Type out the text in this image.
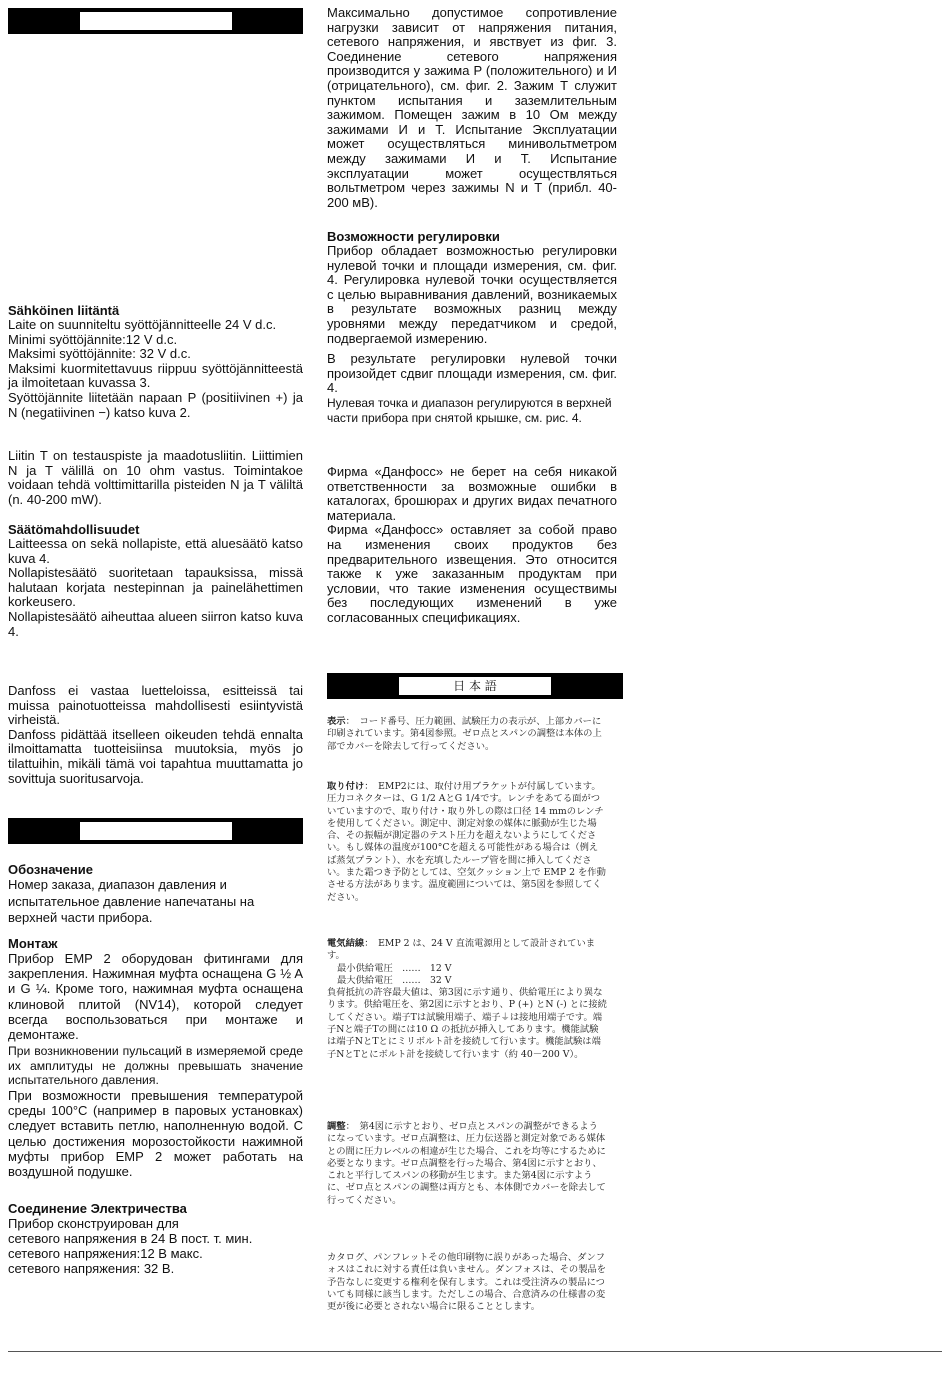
Sähköinen liitäntä

Laite on suunniteltu syöttöjännitteelle 24 V d.c.

Minimi syöttöjännite:12 V d.c.

Maksimi syöttöjännite: 32 V d.c.

Maksimi kuormitettavuus riippuu syöttöjännitteestä ja ilmoitetaan kuvassa 3.

Syöttöjännite liitetään napaan P (positiivinen +) ja N (negatiivinen −) katso kuva 2.

Liitin T on testauspiste ja maadotusliitin. Liittimien N ja T välillä on 10 ohm vastus. Toimintakoe voidaan tehdä volttimittarilla pisteiden N ja T väliltä (n. 40-200 mW).

Säätömahdollisuudet

Laitteessa on sekä nollapiste, että aluesäätö katso kuva 4.

Nollapistesäätö suoritetaan tapauksissa, missä halutaan korjata nestepinnan ja painelähettimen korkeusero.

Nollapistesäätö aiheuttaa alueen siirron katso kuva 4.

Danfoss ei vastaa luetteloissa, esitteissä tai muissa painotuotteissa mahdollisesti esiintyvistä virheistä.

Danfoss pidättää itselleen oikeuden tehdä ennalta ilmoittamatta tuotteisiinsa muutoksia, myös jo tilattuihin, mikäli tämä voi tapahtua muuttamatta jo sovittuja suoritusarvoja.

Обозначение

Номер заказа, диапазон давления и испытательное давление напечатаны на верхней части прибора.

Монтаж

Прибор EMP 2 оборудован фитингами для закрепления. Нажимная муфта оснащена G ½ A и G ¼. Кроме того, нажимная муфта оснащена клиновой плитой (NV14), которой следует всегда воспользоваться при монтаже и демонтаже.

При возникновении пульсаций в измеряемой среде их амплитуды не должны превышать значение испытательного давления.

При возможности превышения температурой среды 100°C (например в паровых установках) следует вставить петлю, наполненную водой. С целью достижения морозостойкости нажимной муфты прибор EMP 2 может работать на воздушной подушке.

Соединение Электричества

Прибор сконструирован для

сетевого напряжения в 24 В пост. т. мин.

сетевого напряжения:12 В макс.

сетевого напряжения: 32 В.

Максимально допустимое сопротивление нагрузки зависит от напряжения питания, сетевого напряжения, и явствует из фиг. 3. Соединение сетевого напряжения производится у зажима P (положительного) и И (отрицательного), см. фиг. 2. Зажим Т служит пунктом испытания и заземлительным зажимом. Помещен зажим в 10 Ом между зажимами И и Т. Испытание Эксплуатации может осуществляться минивольтметром между зажимами И и Т. Испытание эксплуатации может осуществляться вольтметром через зажимы N и T (прибл. 40-200 мВ).

Возможности регулировки

Прибор обладает возможностью регулировки нулевой точки и площади измерения, см. фиг. 4. Регулировка нулевой точки осуществляется с целью выравнивания давлений, возникаемых в результате возможных разниц между уровнями между передатчиком и средой, подвергаемой измерению.

В результате регулировки нулевой точки произойдет сдвиг площади измерения, см. фиг. 4.

Нулевая точка и диапазон регулируются в верхней части прибора при снятой крышке, см. рис. 4.

Фирма «Данфосс» не берет на себя никакой ответственности за возможные ошибки в каталогах, брошюрах и других видах печатного материала.

Фирма «Данфосс» оставляет за собой право на изменения своих продуктов без предварительного извещения. Это относится также к уже заказанным продуктам при условии, что такие изменения осуществимы без последующих изменений в уже согласованных спецификациях.

日 本 語

表示：　コード番号、圧力範囲、試験圧力の表示が、上部カバーに印刷されています。第4図参照。ゼロ点とスパンの調整は本体の上部でカバーを除去して行ってください。

取り付け：　EMP2には、取付け用ブラケットが付属しています。圧力コネクターは、G 1/2 AとG 1/4です。レンチをあてる面がついていますので、取り付け・取り外しの際は口径 14 mmのレンチを使用してください。測定中、測定対象の媒体に脈動が生じた場合、その振幅が測定器のテスト圧力を超えないようにしてください。もし媒体の温度が100°Cを超える可能性がある場合は（例えば蒸気プラント）、水を充填したループ管を間に挿入してください。また霜つき予防としては、空気クッション上で EMP 2 を作動させる方法があります。温度範囲については、第5図を参照してください。

電気結線：　EMP 2 は、24 V 直流電源用として設計されています。

最小供給電圧　……　12 V

最大供給電圧　……　32 V

負荷抵抗の許容最大値は、第3図に示す通り、供給電圧により異なります。供給電圧を、第2図に示すとおり、P (+) とN (-) とに接続してください。端子Tは試験用端子、端子⏚は接地用端子です。端子Nと端子Tの間には10 Ω の抵抗が挿入してあります。機能試験は端子NとTとにミリボルト計を接続して行います。機能試験は端子NとTとにボルト計を接続して行います（約 40－200 V）。

調整：　第4図に示すとおり、ゼロ点とスパンの調整ができるようになっています。ゼロ点調整は、圧力伝送器と測定対象である媒体との間に圧力レベルの相違が生じた場合、これを均等にするために必要となります。ゼロ点調整を行った場合、第4図に示すとおり、これと平行してスパンの移動が生じます。また第4図に示すように、ゼロ点とスパンの調整は両方とも、本体側でカバーを除去して行ってください。

カタログ、パンフレットその他印刷物に誤りがあった場合、ダンフォスはこれに対する責任は負いません。ダンフォスは、その製品を予告なしに変更する権利を保有します。これは受注済みの製品についても同様に該当します。ただしこの場合、合意済みの仕様書の変更が後に必要とされない場合に限ることとします。
